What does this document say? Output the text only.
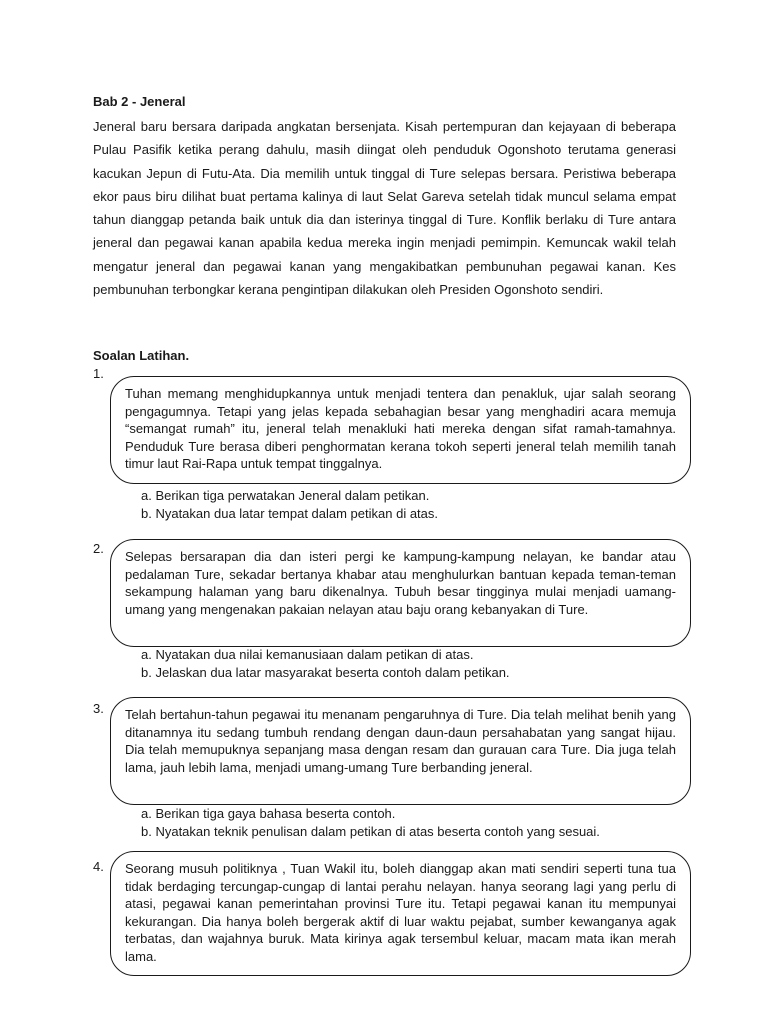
Bab 2 - Jeneral

Jeneral baru bersara daripada angkatan bersenjata. Kisah pertempuran dan kejayaan di beberapa Pulau Pasifik ketika perang dahulu, masih diingat oleh penduduk Ogonshoto terutama generasi kacukan Jepun di Futu-Ata. Dia memilih untuk tinggal di Ture selepas bersara. Peristiwa beberapa ekor paus biru dilihat buat pertama kalinya di laut Selat Gareva setelah tidak muncul selama empat tahun dianggap petanda baik untuk dia dan isterinya tinggal di Ture. Konflik berlaku di Ture antara jeneral dan pegawai kanan apabila kedua mereka ingin menjadi pemimpin. Kemuncak wakil telah mengatur jeneral dan pegawai kanan yang mengakibatkan pembunuhan pegawai kanan. Kes pembunuhan terbongkar kerana pengintipan dilakukan oleh Presiden Ogonshoto sendiri.

Soalan Latihan.
1.

Tuhan memang menghidupkannya untuk menjadi tentera dan penakluk, ujar salah seorang pengagumnya. Tetapi yang jelas kepada sebahagian besar yang menghadiri acara memuja “semangat rumah” itu, jeneral telah menakluki hati mereka dengan sifat ramah-tamahnya. Penduduk Ture berasa diberi penghormatan kerana tokoh seperti jeneral telah memilih tanah timur laut Rai-Rapa untuk tempat tinggalnya.

a. Berikan tiga perwatakan Jeneral dalam petikan.
b. Nyatakan dua latar tempat dalam petikan di atas.
2.

Selepas bersarapan dia dan isteri pergi ke kampung-kampung nelayan, ke bandar atau pedalaman Ture, sekadar bertanya khabar atau menghulurkan bantuan kepada teman-teman sekampung halaman yang baru dikenalnya. Tubuh besar tingginya mulai menjadi uamang-umang yang mengenakan pakaian nelayan atau baju orang kebanyakan di Ture.

a. Nyatakan dua nilai kemanusiaan dalam petikan di atas.
b. Jelaskan dua latar masyarakat beserta contoh dalam petikan.
3. Telah bertahun-tahun pegawai itu menanam pengaruhnya di Ture. Dia telah melihat benih yang ditanamnya itu sedang tumbuh rendang dengan daun-daun persahabatan yang sangat hijau. Dia telah memupuknya sepanjang masa dengan resam dan gurauan cara Ture. Dia juga telah lama, jauh lebih lama, menjadi umang-umang Ture berbanding jeneral.

a. Berikan tiga gaya bahasa beserta contoh.
b. Nyatakan teknik penulisan dalam petikan di atas beserta contoh yang sesuai.
4. Seorang musuh politiknya , Tuan Wakil itu, boleh dianggap akan mati sendiri seperti tuna tua tidak berdaging tercungap-cungap di lantai perahu nelayan. hanya seorang lagi yang perlu di atasi, pegawai kanan pemerintahan provinsi Ture itu. Tetapi pegawai kanan itu mempunyai kekurangan. Dia hanya boleh bergerak aktif di luar waktu pejabat, sumber kewanganya agak terbatas, dan wajahnya buruk. Mata kirinya agak tersembul keluar, macam mata ikan merah lama.
